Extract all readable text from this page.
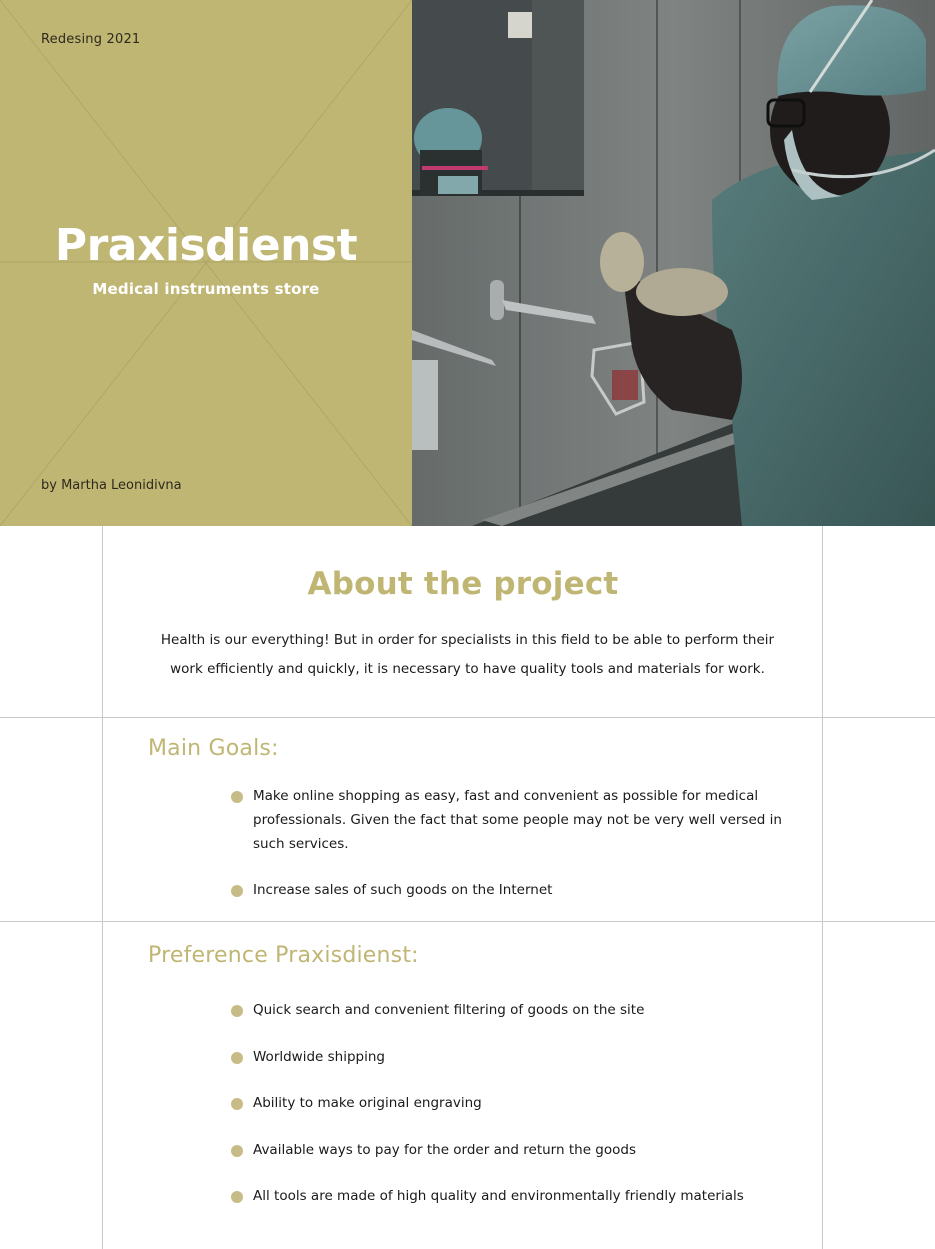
Redesing 2021
Praxisdienst
Medical instruments store
by Martha Leonidivna
About the project

Health is our everything! But in order for specialists in this field to be able to perform their work efficiently and quickly, it is necessary to have quality tools and materials for work.

Main Goals:
Make online shopping as easy, fast and convenient as possible for medical professionals. Given the fact that some people may not be very well versed in such services.
Increase sales of such goods on the Internet
Preference Praxisdienst:
Quick search and convenient filtering of goods on the site
Worldwide shipping
Ability to make original engraving
Available ways to pay for the order and return the goods
All tools are made of high quality and environmentally friendly materials
